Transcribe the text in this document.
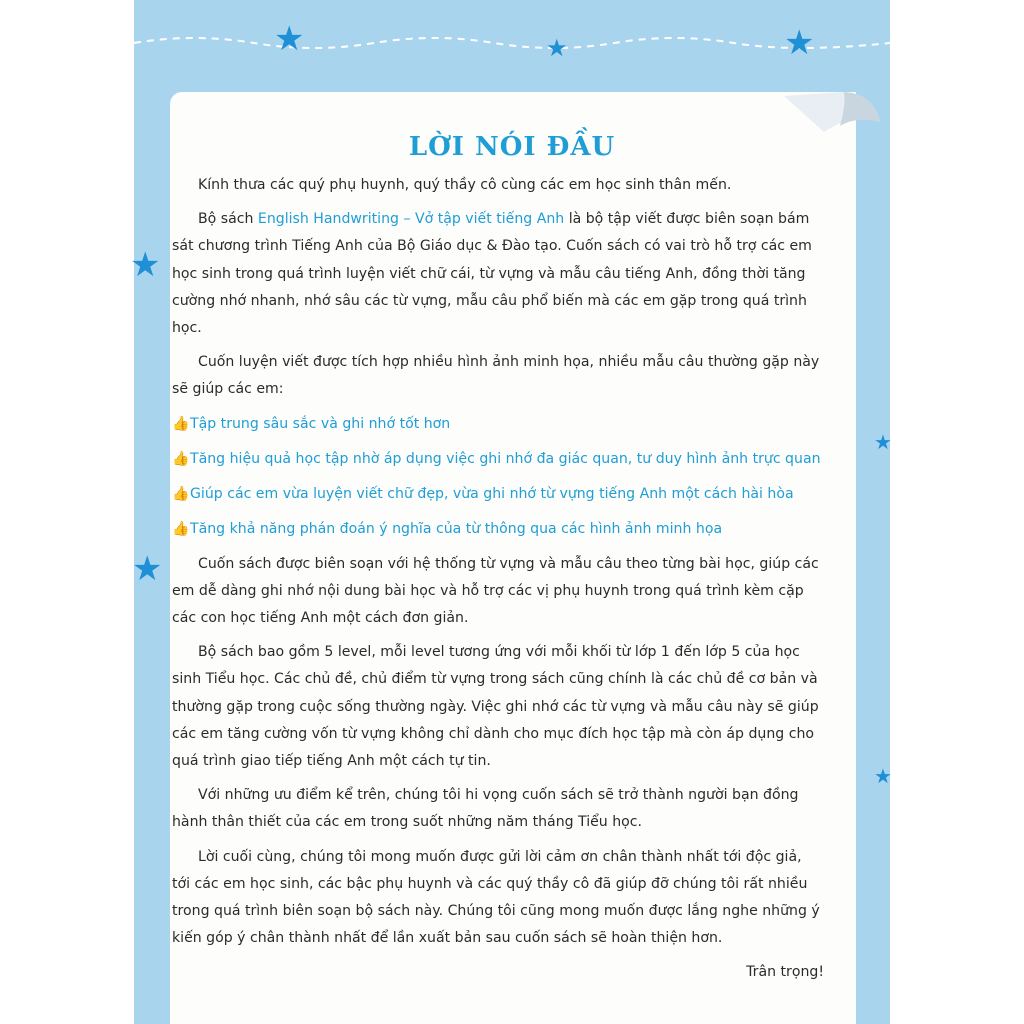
★	★	★
★
★
★
★
LỜI NÓI ĐẦU

Kính thưa các quý phụ huynh, quý thầy cô cùng các em học sinh thân mến.

Bộ sách English Handwriting – Vở tập viết tiếng Anh là bộ tập viết được biên soạn bám sát chương trình Tiếng Anh của Bộ Giáo dục & Đào tạo. Cuốn sách có vai trò hỗ trợ các em học sinh trong quá trình luyện viết chữ cái, từ vựng và mẫu câu tiếng Anh, đồng thời tăng cường nhớ nhanh, nhớ sâu các từ vựng, mẫu câu phổ biến mà các em gặp trong quá trình học.

Cuốn luyện viết được tích hợp nhiều hình ảnh minh họa, nhiều mẫu câu thường gặp này sẽ giúp các em:

👍Tập trung sâu sắc và ghi nhớ tốt hơn
👍Tăng hiệu quả học tập nhờ áp dụng việc ghi nhớ đa giác quan, tư duy hình ảnh trực quan
👍Giúp các em vừa luyện viết chữ đẹp, vừa ghi nhớ từ vựng tiếng Anh một cách hài hòa
👍Tăng khả năng phán đoán ý nghĩa của từ thông qua các hình ảnh minh họa

Cuốn sách được biên soạn với hệ thống từ vựng và mẫu câu theo từng bài học, giúp các em dễ dàng ghi nhớ nội dung bài học và hỗ trợ các vị phụ huynh trong quá trình kèm cặp các con học tiếng Anh một cách đơn giản.

Bộ sách bao gồm 5 level, mỗi level tương ứng với mỗi khối từ lớp 1 đến lớp 5 của học sinh Tiểu học. Các chủ đề, chủ điểm từ vựng trong sách cũng chính là các chủ đề cơ bản và thường gặp trong cuộc sống thường ngày. Việc ghi nhớ các từ vựng và mẫu câu này sẽ giúp các em tăng cường vốn từ vựng không chỉ dành cho mục đích học tập mà còn áp dụng cho quá trình giao tiếp tiếng Anh một cách tự tin.

Với những ưu điểm kể trên, chúng tôi hi vọng cuốn sách sẽ trở thành người bạn đồng hành thân thiết của các em trong suốt những năm tháng Tiểu học.

Lời cuối cùng, chúng tôi mong muốn được gửi lời cảm ơn chân thành nhất tới độc giả, tới các em học sinh, các bậc phụ huynh và các quý thầy cô đã giúp đỡ chúng tôi rất nhiều trong quá trình biên soạn bộ sách này. Chúng tôi cũng mong muốn được lắng nghe những ý kiến góp ý chân thành nhất để lần xuất bản sau cuốn sách sẽ hoàn thiện hơn.

Trân trọng!
